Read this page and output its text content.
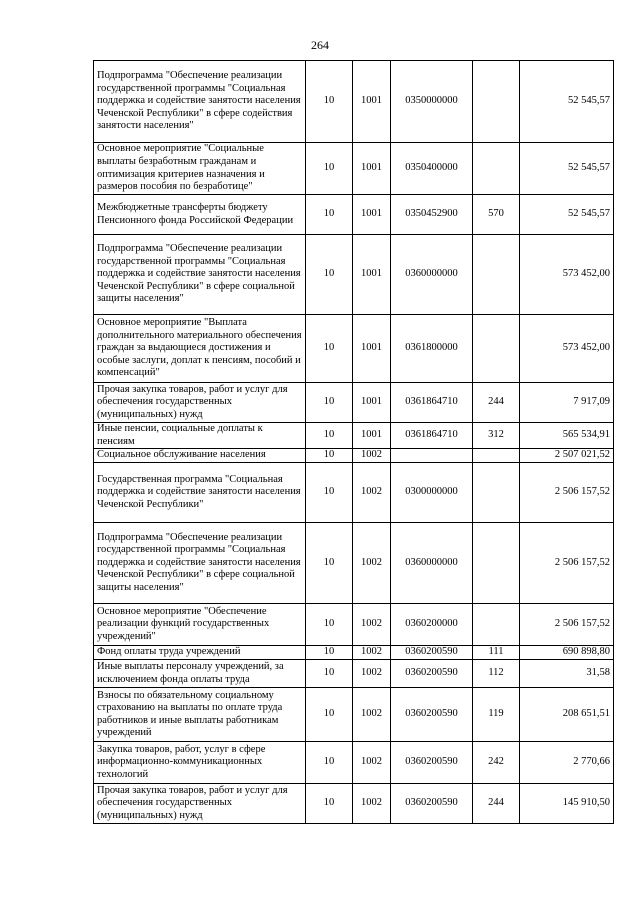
264
Подпрограмма "Обеспечение реализации государственной программы "Социальная поддержка и содействие занятости населения Чеченской Республики" в сфере содействия занятости населения"	10	1001	0350000000		52 545,57
Основное мероприятие "Социальные выплаты безработным гражданам и оптимизация критериев назначения и размеров пособия по безработице"	10	1001	0350400000		52 545,57
Межбюджетные трансферты бюджету Пенсионного фонда Российской Федерации	10	1001	0350452900	570	52 545,57
Подпрограмма "Обеспечение реализации государственной программы "Социальная поддержка и содействие занятости населения Чеченской Республики" в сфере социальной защиты населения"	10	1001	0360000000		573 452,00
Основное мероприятие "Выплата дополнительного материального обеспечения граждан за выдающиеся достижения и особые заслуги, доплат к пенсиям, пособий и компенсаций"	10	1001	0361800000		573 452,00
Прочая закупка товаров, работ и услуг для обеспечения государственных (муниципальных) нужд	10	1001	0361864710	244	7 917,09
Иные пенсии, социальные доплаты к пенсиям	10	1001	0361864710	312	565 534,91
Социальное обслуживание населения	10	1002			2 507 021,52
Государственная программа "Социальная поддержка и содействие занятости населения Чеченской Республики"	10	1002	0300000000		2 506 157,52
Подпрограмма "Обеспечение реализации государственной программы "Социальная поддержка и содействие занятости населения Чеченской Республики" в сфере социальной защиты населения"	10	1002	0360000000		2 506 157,52
Основное мероприятие "Обеспечение реализации функций государственных учреждений"	10	1002	0360200000		2 506 157,52
Фонд оплаты труда учреждений	10	1002	0360200590	111	690 898,80
Иные выплаты персоналу учреждений, за исключением фонда оплаты труда	10	1002	0360200590	112	31,58
Взносы по обязательному социальному страхованию на выплаты по оплате труда работников и иные выплаты работникам учреждений	10	1002	0360200590	119	208 651,51
Закупка товаров, работ, услуг в сфере информационно-коммуникационных технологий	10	1002	0360200590	242	2 770,66
Прочая закупка товаров, работ и услуг для обеспечения государственных (муниципальных) нужд	10	1002	0360200590	244	145 910,50
